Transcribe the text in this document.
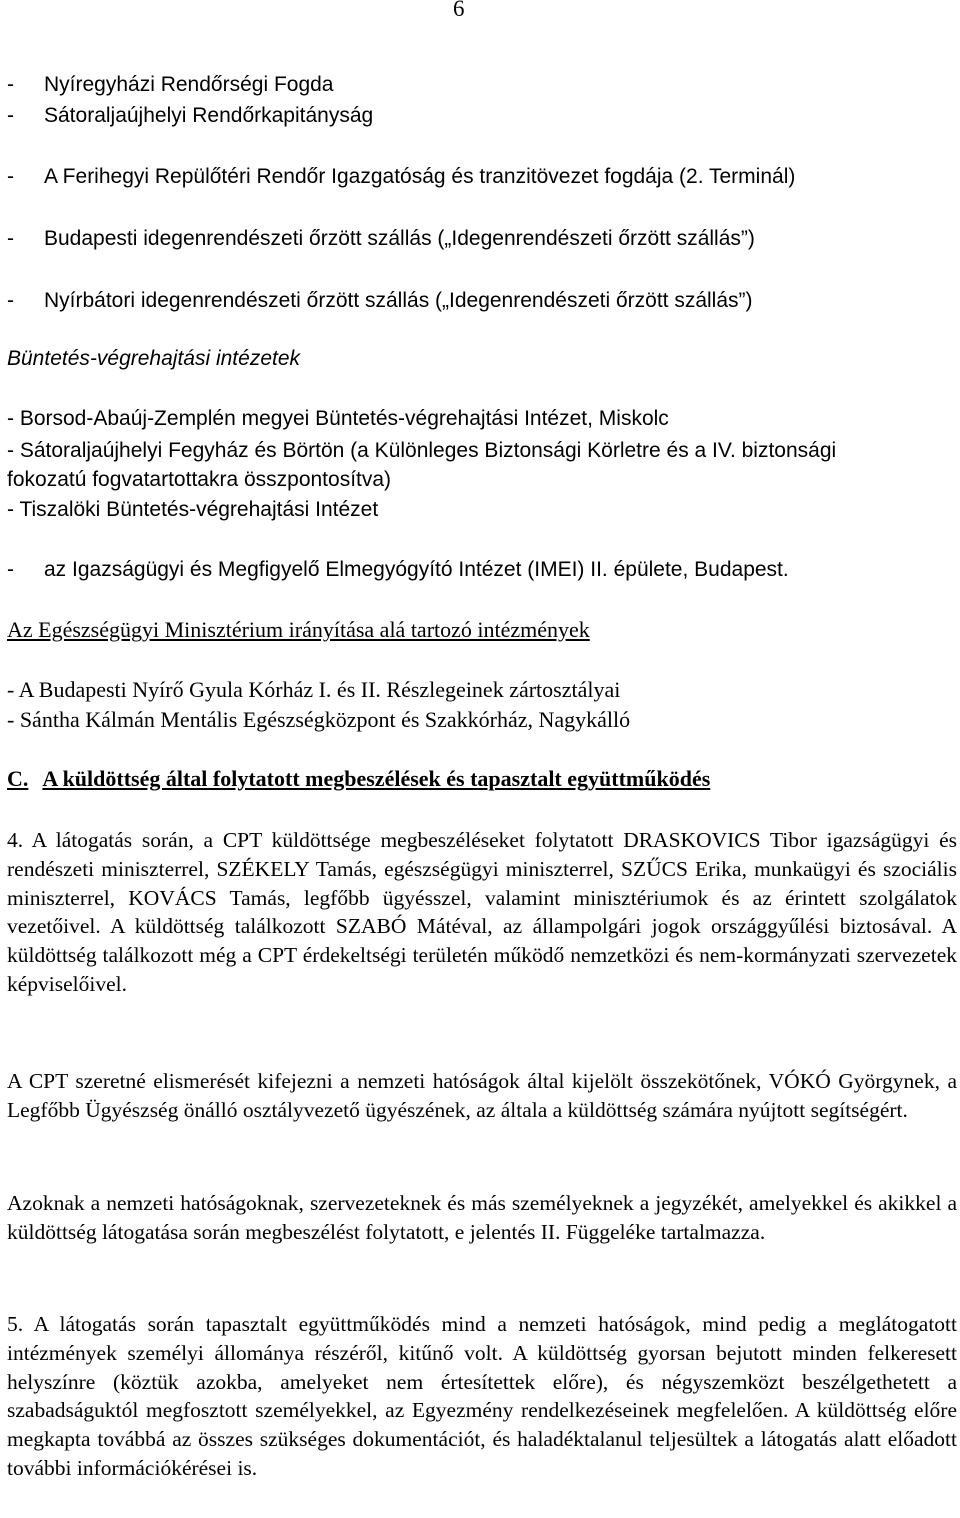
6

- Nyíregyházi Rendőrségi Fogda

- Sátoraljaújhelyi Rendőrkapitányság

- A Ferihegyi Repülőtéri Rendőr Igazgatóság és tranzitövezet fogdája (2. Terminál)

- Budapesti idegenrendészeti őrzött szállás („Idegenrendészeti őrzött szállás”)

- Nyírbátori idegenrendészeti őrzött szállás („Idegenrendészeti őrzött szállás”)

Büntetés-végrehajtási intézetek

- Borsod-Abaúj-Zemplén megyei Büntetés-végrehajtási Intézet, Miskolc

- Sátoraljaújhelyi Fegyház és Börtön (a Különleges Biztonsági Körletre és a IV. biztonsági

fokozatú fogvatartottakra összpontosítva)

- Tiszalöki Büntetés-végrehajtási Intézet

- az Igazságügyi és Megfigyelő Elmegyógyító Intézet (IMEI) II. épülete, Budapest.

Az Egészségügyi Minisztérium irányítása alá tartozó intézmények

- A Budapesti Nyírő Gyula Kórház I. és II. Részlegeinek zártosztályai

- Sántha Kálmán Mentális Egészségközpont és Szakkórház, Nagykálló

C. A küldöttség által folytatott megbeszélések és tapasztalt együttműködés

4. A látogatás során, a CPT küldöttsége megbeszéléseket folytatott DRASKOVICS Tibor igazságügyi és rendészeti miniszterrel, SZÉKELY Tamás, egészségügyi miniszterrel, SZŰCS Erika, munkaügyi és szociális miniszterrel, KOVÁCS Tamás, legfőbb ügyésszel, valamint minisztériumok és az érintett szolgálatok vezetőivel. A küldöttség találkozott SZABÓ Mátéval, az állampolgári jogok országgyűlési biztosával. A küldöttség találkozott még a CPT érdekeltségi területén működő nemzetközi és nem-kormányzati szervezetek képviselőivel.

A CPT szeretné elismerését kifejezni a nemzeti hatóságok által kijelölt összekötőnek, VÓKÓ Györgynek, a Legfőbb Ügyészség önálló osztályvezető ügyészének, az általa a küldöttség számára nyújtott segítségért.

Azoknak a nemzeti hatóságoknak, szervezeteknek és más személyeknek a jegyzékét, amelyekkel és akikkel a küldöttség látogatása során megbeszélést folytatott, e jelentés II. Függeléke tartalmazza.

5. A látogatás során tapasztalt együttműködés mind a nemzeti hatóságok, mind pedig a meglátogatott intézmények személyi állománya részéről, kitűnő volt. A küldöttség gyorsan bejutott minden felkeresett helyszínre (köztük azokba, amelyeket nem értesítettek előre), és négyszemközt beszélgethetett a szabadságuktól megfosztott személyekkel, az Egyezmény rendelkezéseinek megfelelően. A küldöttség előre megkapta továbbá az összes szükséges dokumentációt, és haladéktalanul teljesültek a látogatás alatt előadott további információkérései is.
